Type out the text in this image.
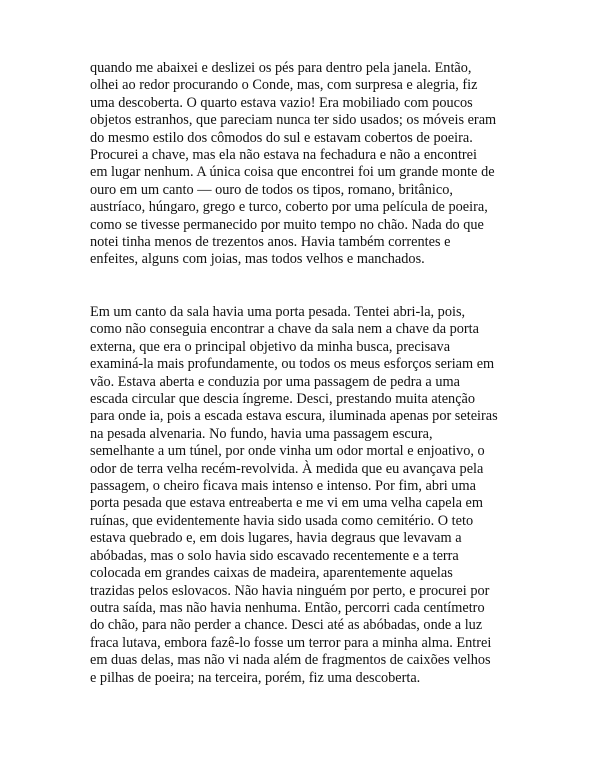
quando me abaixei e deslizei os pés para dentro pela janela. Então,
olhei ao redor procurando o Conde, mas, com surpresa e alegria, fiz
uma descoberta. O quarto estava vazio! Era mobiliado com poucos
objetos estranhos, que pareciam nunca ter sido usados; os móveis eram
do mesmo estilo dos cômodos do sul e estavam cobertos de poeira.
Procurei a chave, mas ela não estava na fechadura e não a encontrei
em lugar nenhum. A única coisa que encontrei foi um grande monte de
ouro em um canto — ouro de todos os tipos, romano, britânico,
austríaco, húngaro, grego e turco, coberto por uma película de poeira,
como se tivesse permanecido por muito tempo no chão. Nada do que
notei tinha menos de trezentos anos. Havia também correntes e
enfeites, alguns com joias, mas todos velhos e manchados.
Em um canto da sala havia uma porta pesada. Tentei abri-la, pois,
como não conseguia encontrar a chave da sala nem a chave da porta
externa, que era o principal objetivo da minha busca, precisava
examiná-la mais profundamente, ou todos os meus esforços seriam em
vão. Estava aberta e conduzia por uma passagem de pedra a uma
escada circular que descia íngreme. Desci, prestando muita atenção
para onde ia, pois a escada estava escura, iluminada apenas por seteiras
na pesada alvenaria. No fundo, havia uma passagem escura,
semelhante a um túnel, por onde vinha um odor mortal e enjoativo, o
odor de terra velha recém-revolvida. À medida que eu avançava pela
passagem, o cheiro ficava mais intenso e intenso. Por fim, abri uma
porta pesada que estava entreaberta e me vi em uma velha capela em
ruínas, que evidentemente havia sido usada como cemitério. O teto
estava quebrado e, em dois lugares, havia degraus que levavam a
abóbadas, mas o solo havia sido escavado recentemente e a terra
colocada em grandes caixas de madeira, aparentemente aquelas
trazidas pelos eslovacos. Não havia ninguém por perto, e procurei por
outra saída, mas não havia nenhuma. Então, percorri cada centímetro
do chão, para não perder a chance. Desci até as abóbadas, onde a luz
fraca lutava, embora fazê-lo fosse um terror para a minha alma. Entrei
em duas delas, mas não vi nada além de fragmentos de caixões velhos
e pilhas de poeira; na terceira, porém, fiz uma descoberta.
